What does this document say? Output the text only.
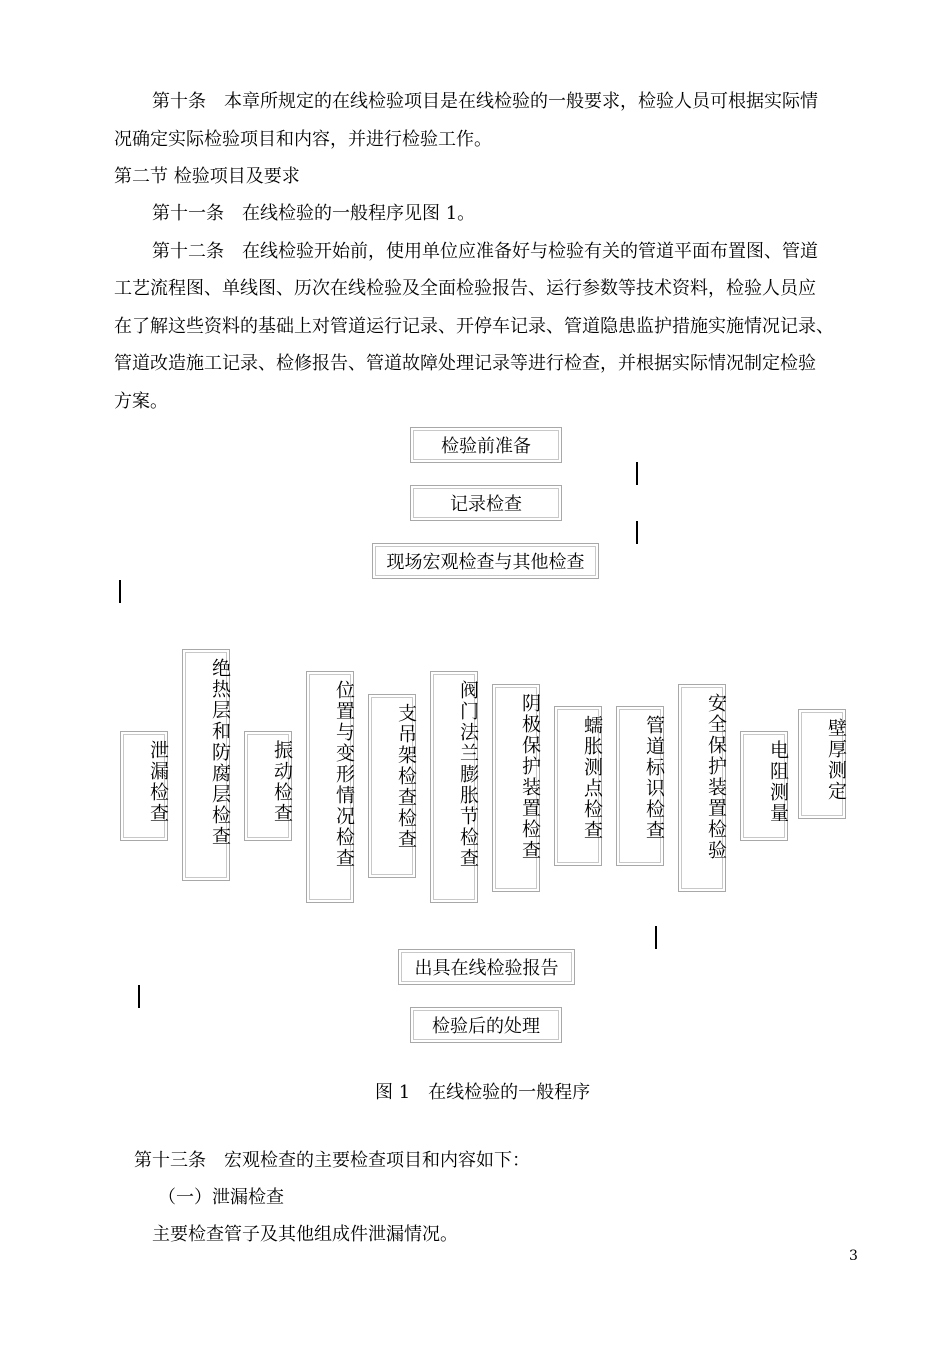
第十条　本章所规定的在线检验项目是在线检验的一般要求，检验人员可根据实际情
况确定实际检验项目和内容，并进行检验工作。
第二节 检验项目及要求
第十一条　在线检验的一般程序见图 1。
第十二条　在线检验开始前，使用单位应准备好与检验有关的管道平面布置图、管道
工艺流程图、单线图、历次在线检验及全面检验报告、运行参数等技术资料，检验人员应
在了解这些资料的基础上对管道运行记录、开停车记录、管道隐患监护措施实施情况记录、
管道改造施工记录、检修报告、管道故障处理记录等进行检查，并根据实际情况制定检验
方案。
检验前准备
记录检查
现场宏观检查与其他检查
泄漏检查	绝热层和防腐层检查	振动检查	位置与变形情况检查	支吊架检查检查	阀门法兰膨胀节检查	阴极保护装置检查	蠕胀测点检查	管道标识检查	安全保护装置检验	电阻测量	壁厚测定
出具在线检验报告
检验后的处理
图 1　在线检验的一般程序
第十三条　宏观检查的主要检查项目和内容如下：
（一）泄漏检查
主要检查管子及其他组成件泄漏情况。
3
